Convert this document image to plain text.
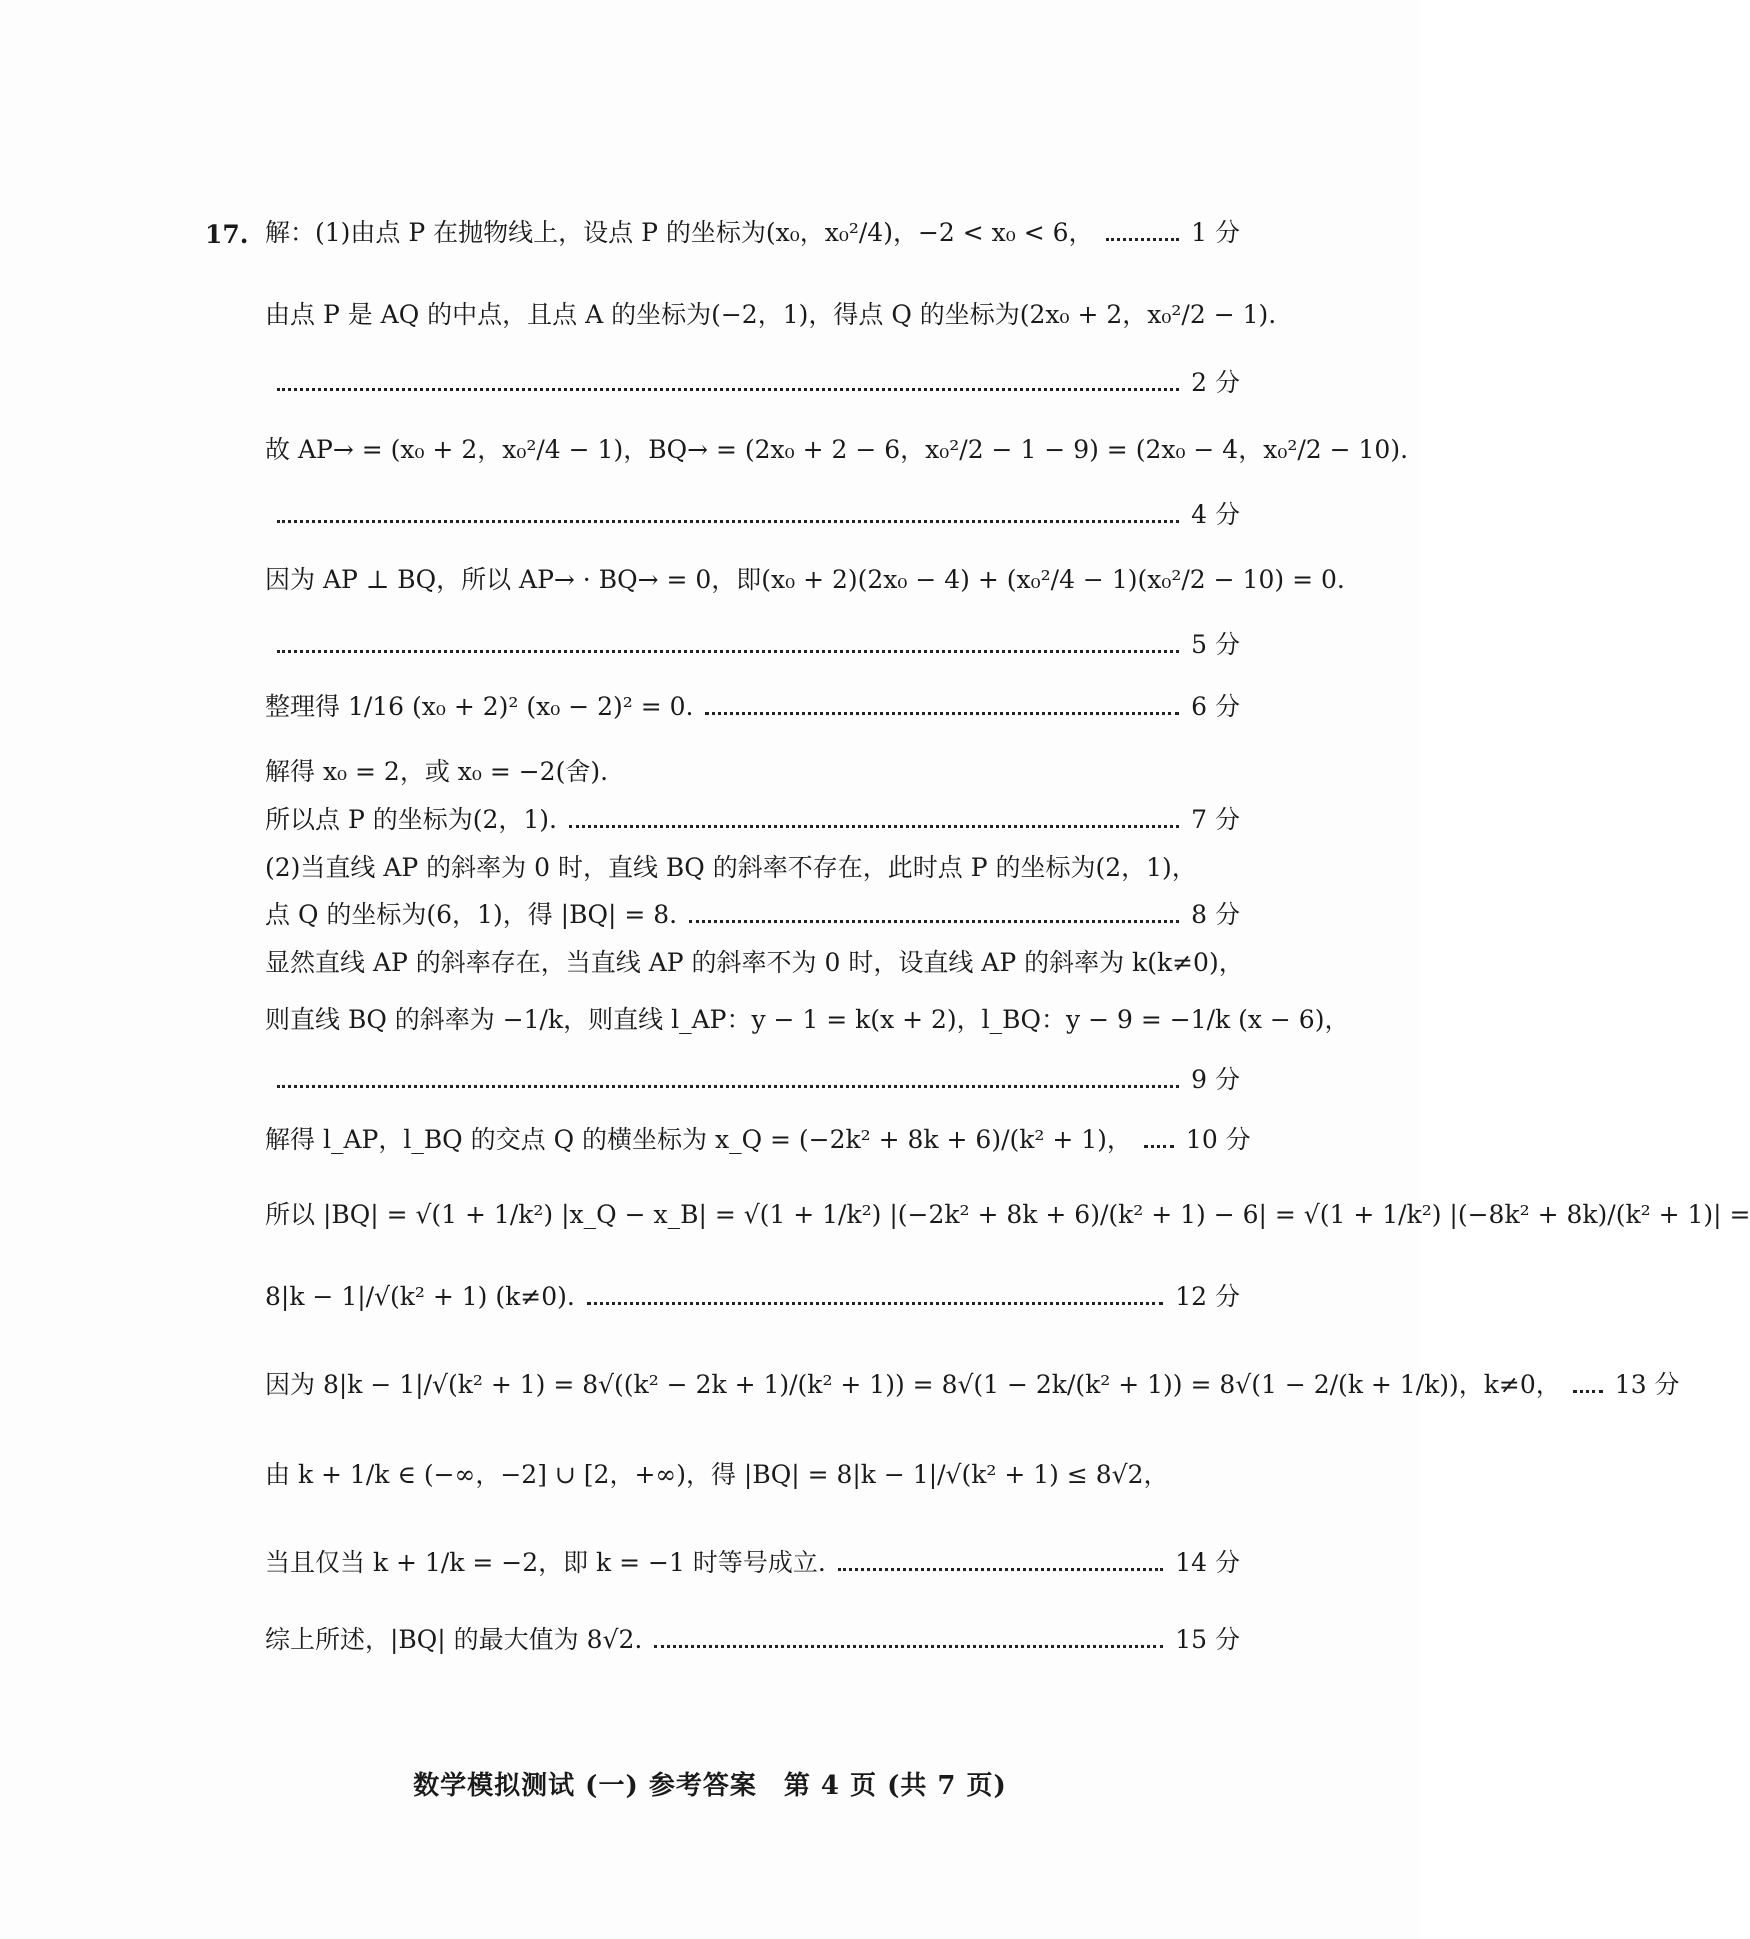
17. 解：(1)由点 P 在抛物线上，设点 P 的坐标为(x₀，x₀²/4)，−2 < x₀ < 6，	1 分
由点 P 是 AQ 的中点，且点 A 的坐标为(−2，1)，得点 Q 的坐标为(2x₀ + 2，x₀²/2 − 1).
2 分
故 AP→ = (x₀ + 2，x₀²/4 − 1)，BQ→ = (2x₀ + 2 − 6，x₀²/2 − 1 − 9) = (2x₀ − 4，x₀²/2 − 10).
4 分
因为 AP ⊥ BQ，所以 AP→ · BQ→ = 0，即(x₀ + 2)(2x₀ − 4) + (x₀²/4 − 1)(x₀²/2 − 10) = 0.
5 分
整理得 1/16 (x₀ + 2)² (x₀ − 2)² = 0.	6 分
解得 x₀ = 2，或 x₀ = −2(舍).
所以点 P 的坐标为(2，1).	7 分
(2)当直线 AP 的斜率为 0 时，直线 BQ 的斜率不存在，此时点 P 的坐标为(2，1)，
点 Q 的坐标为(6，1)，得 |BQ| = 8.	8 分
显然直线 AP 的斜率存在，当直线 AP 的斜率不为 0 时，设直线 AP 的斜率为 k(k≠0)，
则直线 BQ 的斜率为 −1/k，则直线 l_AP：y − 1 = k(x + 2)，l_BQ：y − 9 = −1/k (x − 6)，
9 分
解得 l_AP，l_BQ 的交点 Q 的横坐标为 x_Q = (−2k² + 8k + 6)/(k² + 1)， 10 分
所以 |BQ| = √(1 + 1/k²) |x_Q − x_B| = √(1 + 1/k²) |(−2k² + 8k + 6)/(k² + 1) − 6| = √(1 + 1/k²) |(−8k² + 8k)/(k² + 1)| =
8|k − 1|/√(k² + 1) (k≠0).	12 分
因为 8|k − 1|/√(k² + 1) = 8√((k² − 2k + 1)/(k² + 1)) = 8√(1 − 2k/(k² + 1)) = 8√(1 − 2/(k + 1/k))，k≠0， 13 分
由 k + 1/k ∈ (−∞，−2] ∪ [2，+∞)，得 |BQ| = 8|k − 1|/√(k² + 1) ≤ 8√2，
当且仅当 k + 1/k = −2，即 k = −1 时等号成立.	14 分
综上所述，|BQ| 的最大值为 8√2.	15 分
数学模拟测试 (一) 参考答案　第 4 页 (共 7 页)
